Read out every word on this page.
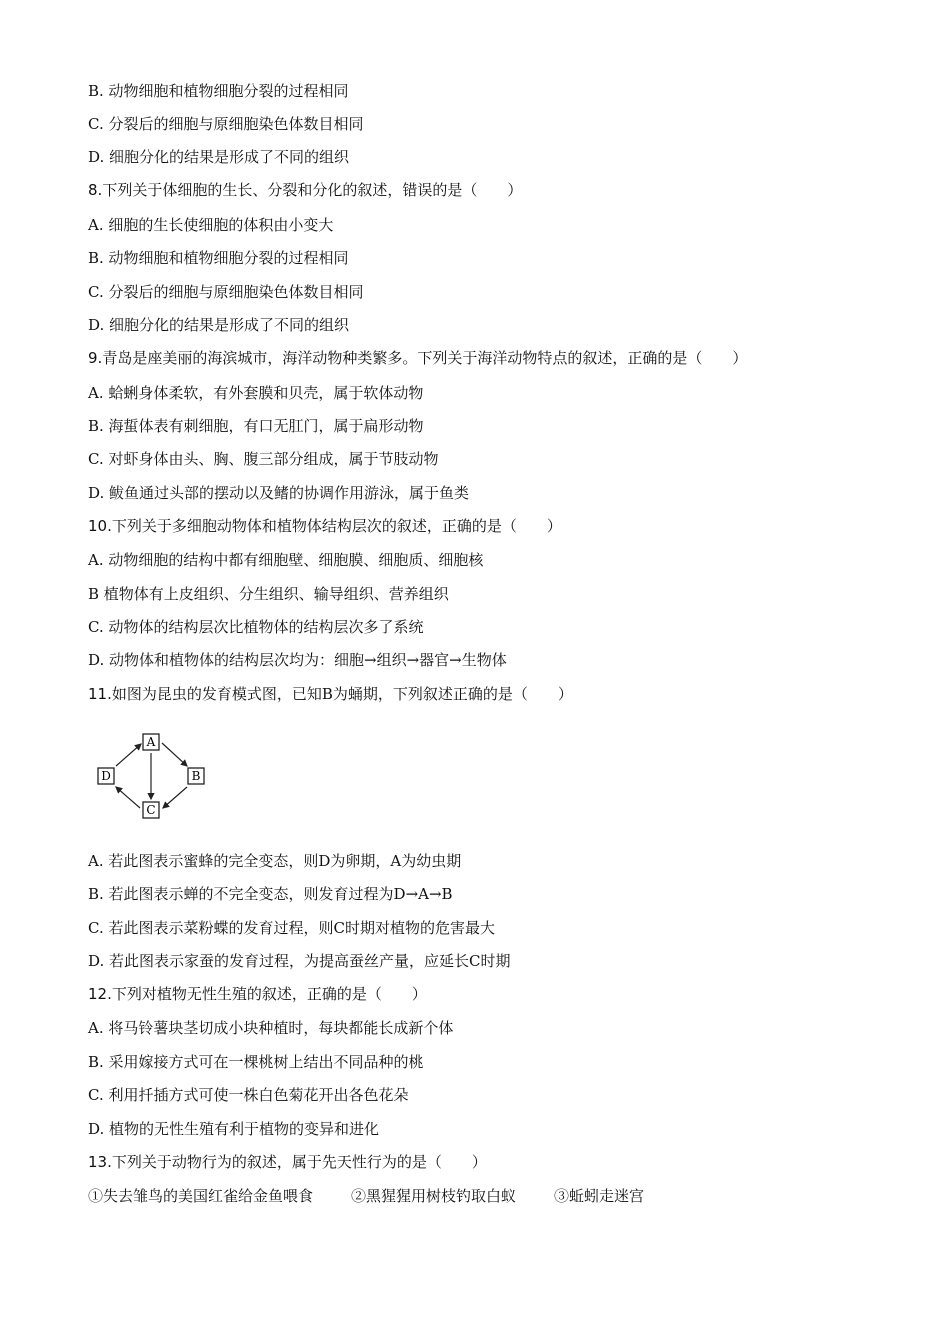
B. 动物细胞和植物细胞分裂的过程相同
C. 分裂后的细胞与原细胞染色体数目相同
D. 细胞分化的结果是形成了不同的组织
8.下列关于体细胞的生长、分裂和分化的叙述，错误的是（　　）
A. 细胞的生长使细胞的体积由小变大
B. 动物细胞和植物细胞分裂的过程相同
C. 分裂后的细胞与原细胞染色体数目相同
D. 细胞分化的结果是形成了不同的组织
9.青岛是座美丽的海滨城市，海洋动物种类繁多。下列关于海洋动物特点的叙述，正确的是（　　）
A. 蛤蜊身体柔软，有外套膜和贝壳，属于软体动物
B. 海蜇体表有刺细胞，有口无肛门，属于扁形动物
C. 对虾身体由头、胸、腹三部分组成，属于节肢动物
D. 鲅鱼通过头部的摆动以及鳍的协调作用游泳，属于鱼类
10.下列关于多细胞动物体和植物体结构层次的叙述，正确的是（　　）
A. 动物细胞的结构中都有细胞壁、细胞膜、细胞质、细胞核
B 植物体有上皮组织、分生组织、输导组织、营养组织
C. 动物体的结构层次比植物体的结构层次多了系统
D. 动物体和植物体的结构层次均为：细胞→组织→器官→生物体
11.如图为昆虫的发育模式图，已知B为蛹期，下列叙述正确的是（　　）
A
B
C
D
A. 若此图表示蜜蜂的完全变态，则D为卵期，A为幼虫期
B. 若此图表示蝉的不完全变态，则发育过程为D→A→B
C. 若此图表示菜粉蝶的发育过程，则C时期对植物的危害最大
D. 若此图表示家蚕的发育过程，为提高蚕丝产量，应延长C时期
12.下列对植物无性生殖的叙述，正确的是（　　）
A. 将马铃薯块茎切成小块种植时，每块都能长成新个体
B. 采用嫁接方式可在一棵桃树上结出不同品种的桃
C. 利用扦插方式可使一株白色菊花开出各色花朵
D. 植物的无性生殖有利于植物的变异和进化
13.下列关于动物行为的叙述，属于先天性行为的是（　　）
①失去雏鸟的美国红雀给金鱼喂食	②黑猩猩用树枝钓取白蚁	③蚯蚓走迷宫
